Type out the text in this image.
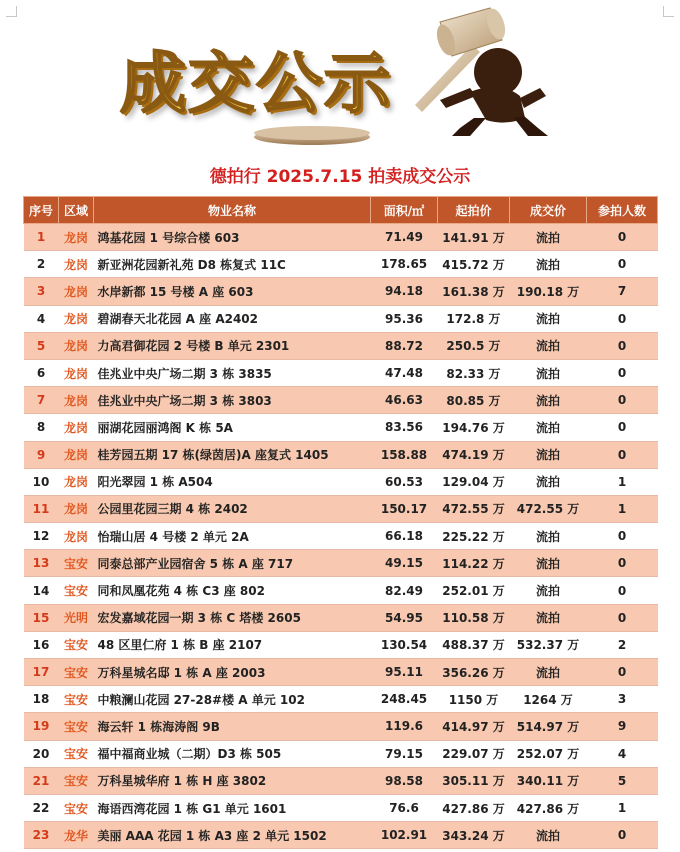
成交公示
德拍行 2025.7.15 拍卖成交公示
序号	区域	物业名称	面积/㎡	起拍价	成交价	参拍人数
1	龙岗	鸿基花园 1 号综合楼 603	71.49	141.91 万	流拍	0
2	龙岗	新亚洲花园新礼苑 D8 栋复式 11C	178.65	415.72 万	流拍	0
3	龙岗	水岸新都 15 号楼 A 座 603	94.18	161.38 万	190.18 万	7
4	龙岗	碧湖春天北花园 A 座 A2402	95.36	172.8 万	流拍	0
5	龙岗	力高君御花园 2 号楼 B 单元 2301	88.72	250.5 万	流拍	0
6	龙岗	佳兆业中央广场二期 3 栋 3835	47.48	82.33 万	流拍	0
7	龙岗	佳兆业中央广场二期 3 栋 3803	46.63	80.85 万	流拍	0
8	龙岗	丽湖花园丽鸿阁 K 栋 5A	83.56	194.76 万	流拍	0
9	龙岗	桂芳园五期 17 栋(绿茵居)A 座复式 1405	158.88	474.19 万	流拍	0
10	龙岗	阳光翠园 1 栋 A504	60.53	129.04 万	流拍	1
11	龙岗	公园里花园三期 4 栋 2402	150.17	472.55 万	472.55 万	1
12	龙岗	怡瑞山居 4 号楼 2 单元 2A	66.18	225.22 万	流拍	0
13	宝安	同泰总部产业园宿舍 5 栋 A 座 717	49.15	114.22 万	流拍	0
14	宝安	同和凤凰花苑 4 栋 C3 座 802	82.49	252.01 万	流拍	0
15	光明	宏发嘉域花园一期 3 栋 C 塔楼 2605	54.95	110.58 万	流拍	0
16	宝安	48 区里仁府 1 栋 B 座 2107	130.54	488.37 万	532.37 万	2
17	宝安	万科星城名邸 1 栋 A 座 2003	95.11	356.26 万	流拍	0
18	宝安	中粮澜山花园 27-28#楼 A 单元 102	248.45	1150 万	1264 万	3
19	宝安	海云轩 1 栋海涛阁 9B	119.6	414.97 万	514.97 万	9
20	宝安	福中福商业城（二期）D3 栋 505	79.15	229.07 万	252.07 万	4
21	宝安	万科星城华府 1 栋 H 座 3802	98.58	305.11 万	340.11 万	5
22	宝安	海语西湾花园 1 栋 G1 单元 1601	76.6	427.86 万	427.86 万	1
23	龙华	美丽 AAA 花园 1 栋 A3 座 2 单元 1502	102.91	343.24 万	流拍	0
